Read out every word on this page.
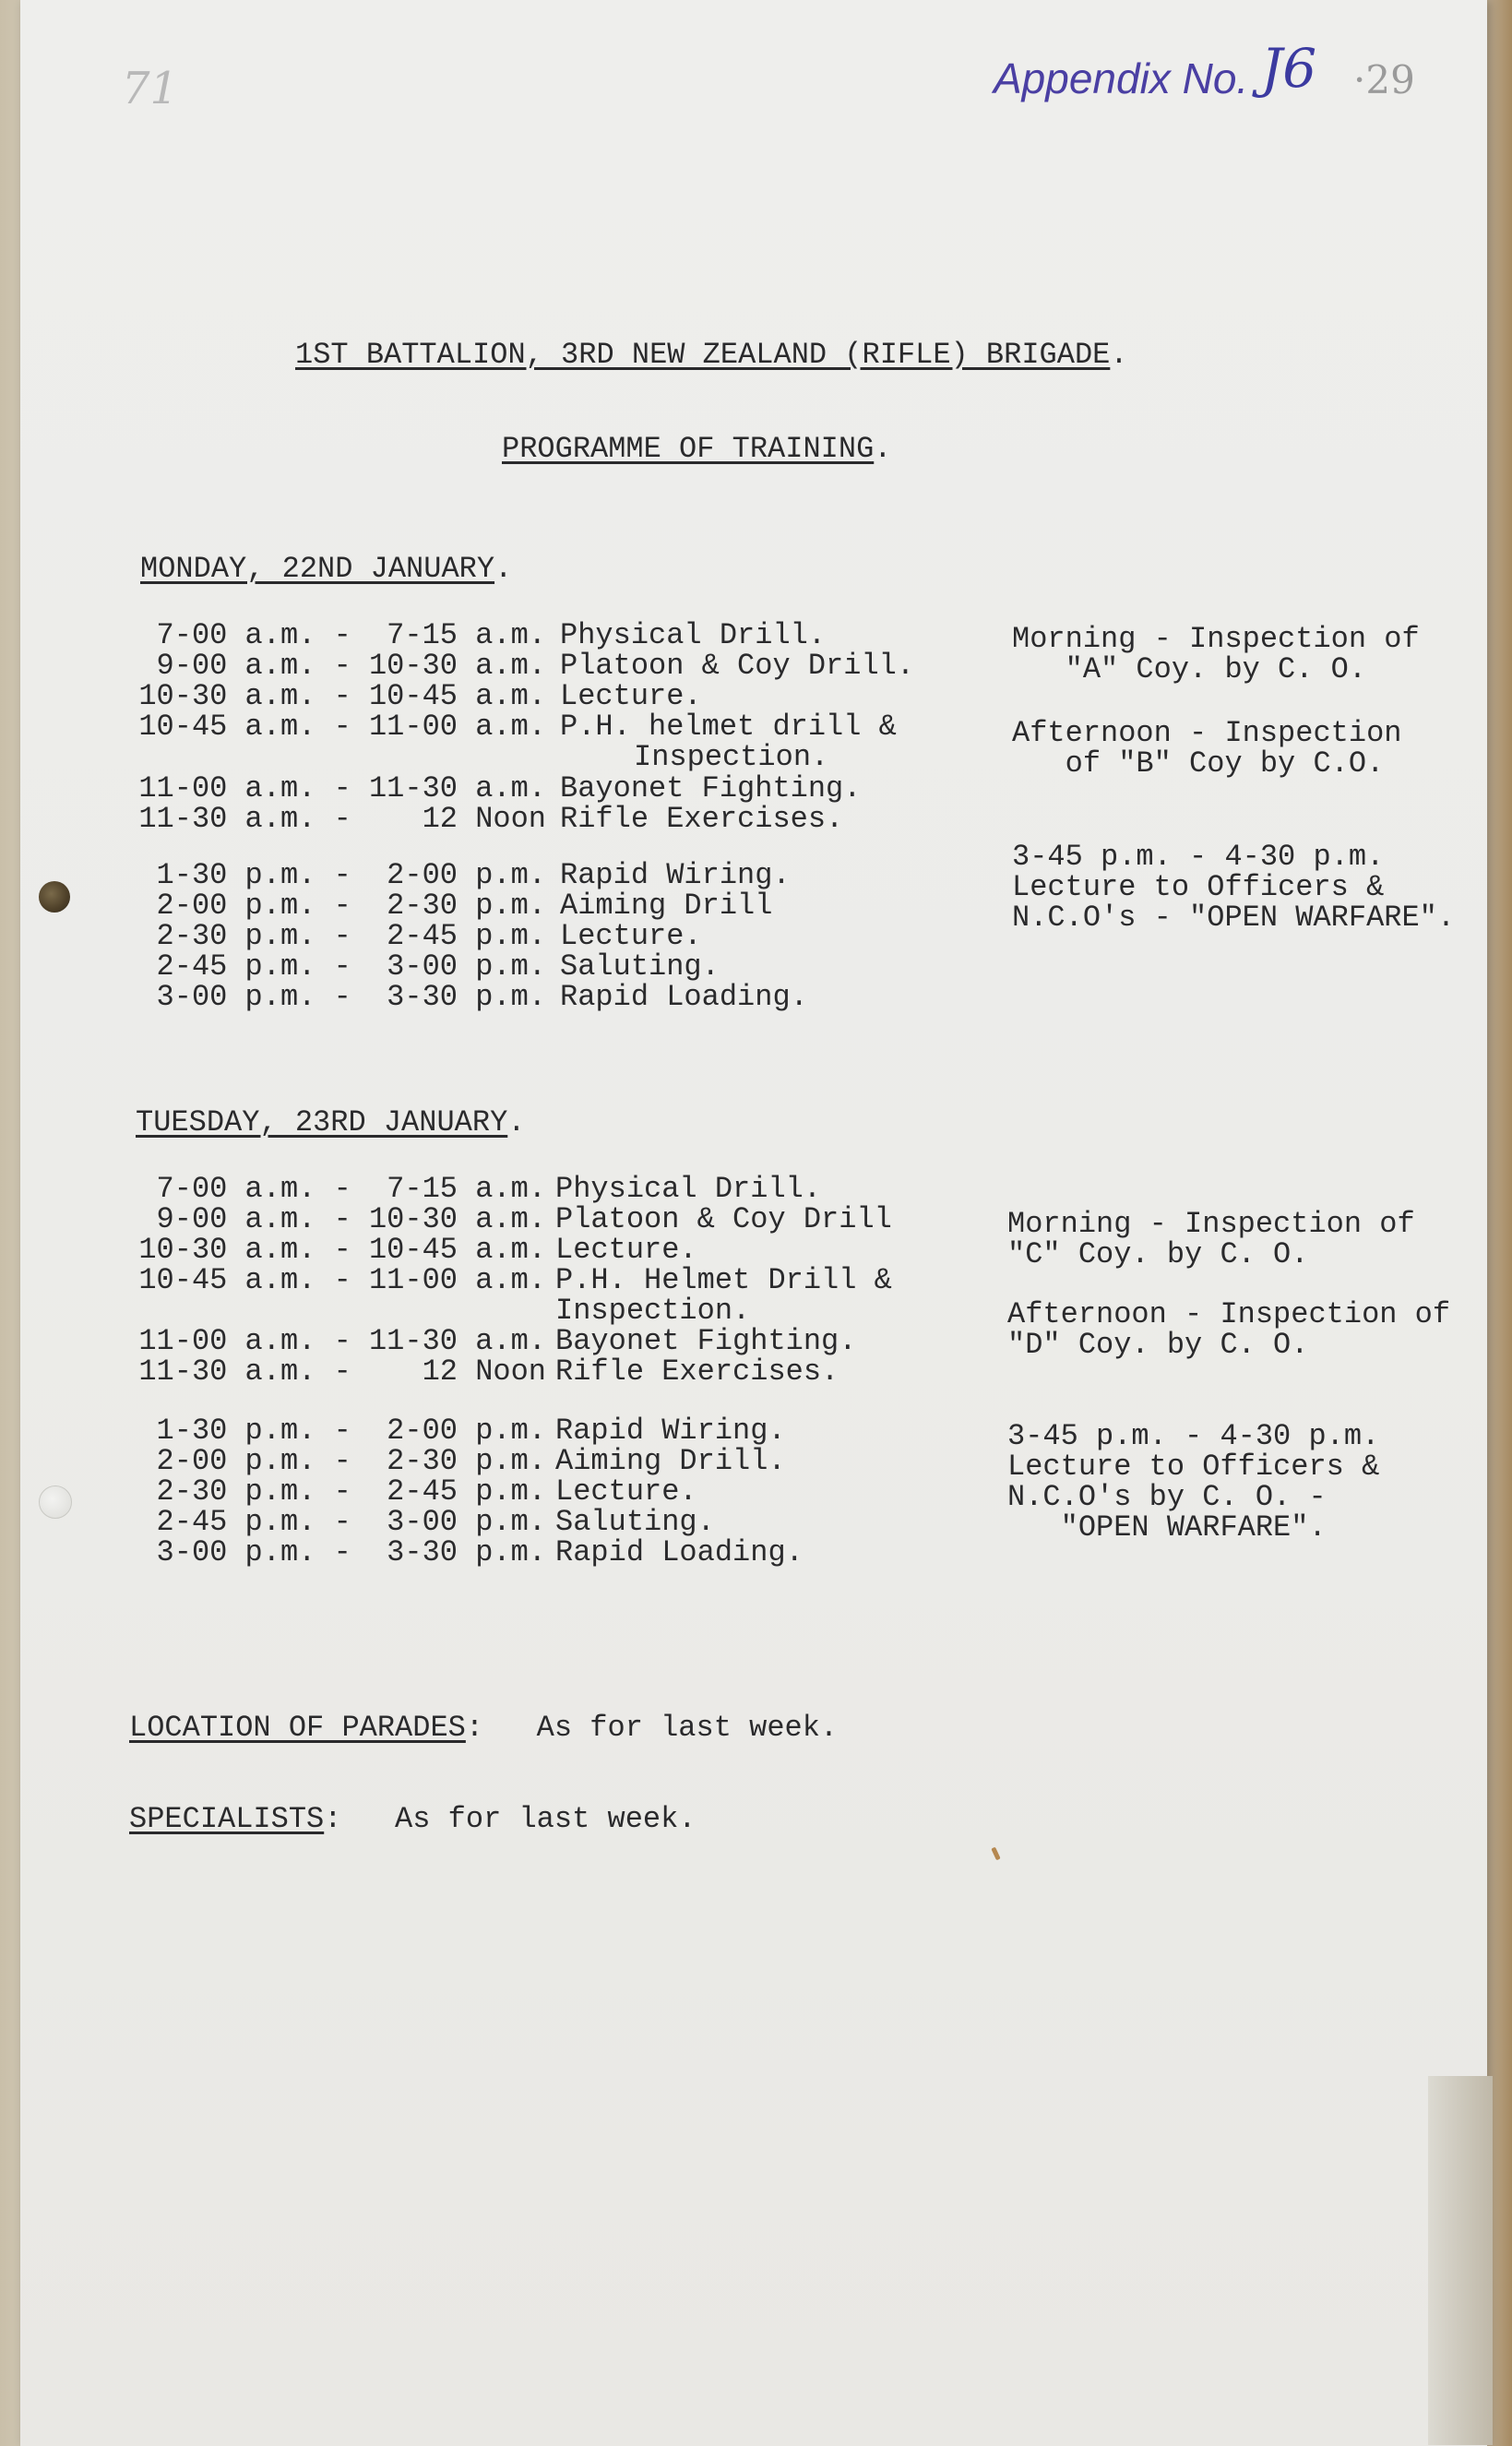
71	Appendix No. J6 ·29
1ST BATTALION, 3RD NEW ZEALAND (RIFLE) BRIGADE.
PROGRAMME OF TRAINING.
MONDAY, 22ND JANUARY.
7-00 a.m. -  7-15 a.m. Physical Drill.
9-00 a.m. - 10-30 a.m. Platoon & Coy Drill.
10-30 a.m. - 10-45 a.m. Lecture.
10-45 a.m. - 11-00 a.m. P.H. helmet drill &
Inspection.
11-00 a.m. - 11-30 a.m. Bayonet Fighting.
11-30 a.m. -    12 Noon Rifle Exercises.
1-30 p.m. -  2-00 p.m. Rapid Wiring.
2-00 p.m. -  2-30 p.m. Aiming Drill
2-30 p.m. -  2-45 p.m. Lecture.
2-45 p.m. -  3-00 p.m. Saluting.
3-00 p.m. -  3-30 p.m. Rapid Loading.
Morning - Inspection of
"A" Coy. by C. O.
Afternoon - Inspection
of "B" Coy by C.O.
3-45 p.m. - 4-30 p.m.
Lecture to Officers &
N.C.O's - "OPEN WARFARE".
TUESDAY, 23RD JANUARY.
7-00 a.m. -  7-15 a.m. Physical Drill.
9-00 a.m. - 10-30 a.m. Platoon & Coy Drill
10-30 a.m. - 10-45 a.m. Lecture.
10-45 a.m. - 11-00 a.m. P.H. Helmet Drill &
Inspection.
11-00 a.m. - 11-30 a.m. Bayonet Fighting.
11-30 a.m. -    12 Noon Rifle Exercises.
1-30 p.m. -  2-00 p.m. Rapid Wiring.
2-00 p.m. -  2-30 p.m. Aiming Drill.
2-30 p.m. -  2-45 p.m. Lecture.
2-45 p.m. -  3-00 p.m. Saluting.
3-00 p.m. -  3-30 p.m. Rapid Loading.
Morning - Inspection of
"C" Coy. by C. O.
Afternoon - Inspection of
"D" Coy. by C. O.
3-45 p.m. - 4-30 p.m.
Lecture to Officers &
N.C.O's by C. O. -
"OPEN WARFARE".
LOCATION OF PARADES:   As for last week.
SPECIALISTS:   As for last week.
